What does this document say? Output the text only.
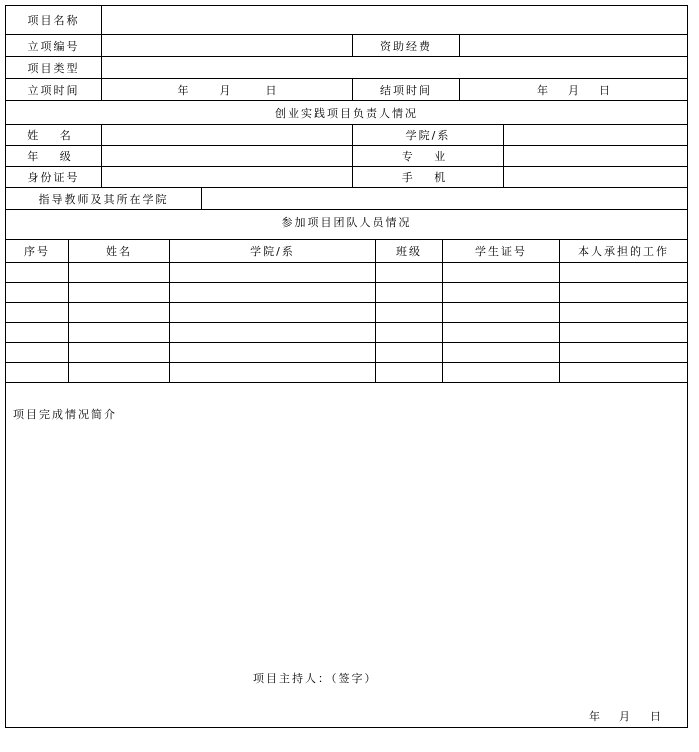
项目名称
立项编号	资助经费
项目类型
立项时间	年	月	日	结项时间	年	月	日
创业实践项目负责人情况
姓 名	学院/系
年 级	专 业
身份证号	手 机
指导教师及其所在学院
参加项目团队人员情况
序号	姓名	学院/系	班级	学生证号	本人承担的工作
项目完成情况简介
项目主持人：（签字）
年 月 日
